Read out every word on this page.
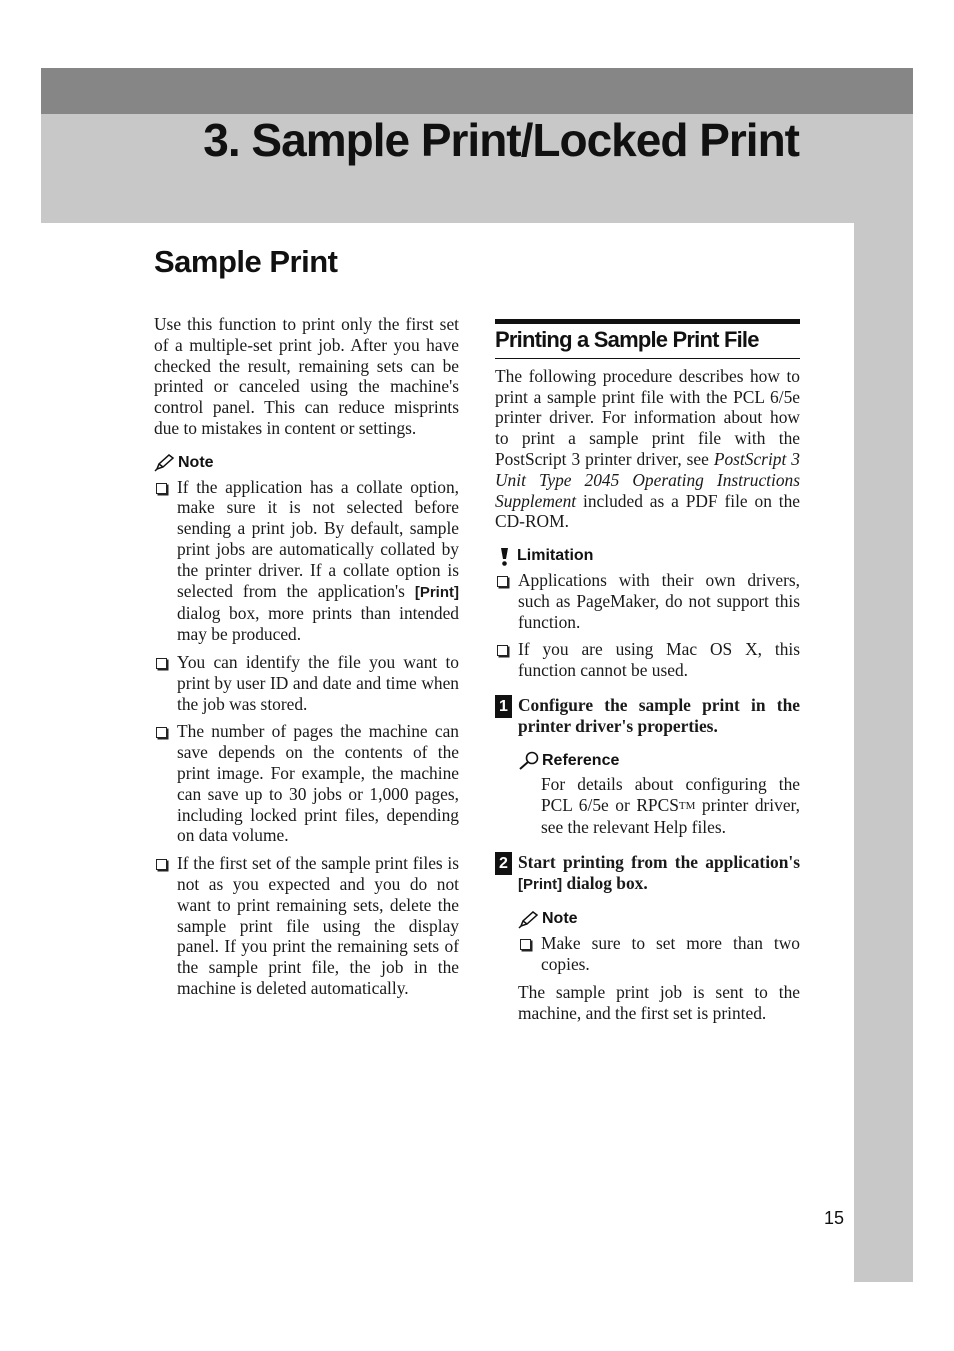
3. Sample Print/Locked Print
Sample Print

Use this function to print only the first set of a multiple-set print job. After you have checked the result, remaining sets can be printed or canceled using the machine's control panel. This can reduce misprints due to mistakes in content or settings.

Note
If the application has a collate option, make sure it is not selected before sending a print job. By default, sample print jobs are automatically collated by the printer driver. If a collate option is selected from the application's [Print] dialog box, more prints than intended may be produced.
You can identify the file you want to print by user ID and date and time when the job was stored.
The number of pages the machine can save depends on the contents of the print image. For example, the machine can save up to 30 jobs or 1,000 pages, including locked print files, depending on data volume.
If the first set of the sample print files is not as you expected and you do not want to print remaining sets, delete the sample print file using the display panel. If you print the remaining sets of the sample print file, the job in the machine is deleted automatically.
Printing a Sample Print File

The following procedure describes how to print a sample print file with the PCL 6/5e printer driver. For information about how to print a sample print file with the PostScript 3 printer driver, see PostScript 3 Unit Type 2045 Operating Instructions Supplement included as a PDF file on the CD-ROM.

Limitation
Applications with their own drivers, such as PageMaker, do not support this function.
If you are using Mac OS X, this function cannot be used.
1 Configure the sample print in the printer driver's properties.
Reference

For details about configuring the PCL 6/5e or RPCSTM printer driver, see the relevant Help files.

2 Start printing from the application's [Print] dialog box.
Note
Make sure to set more than two copies.

The sample print job is sent to the machine, and the first set is printed.

15
